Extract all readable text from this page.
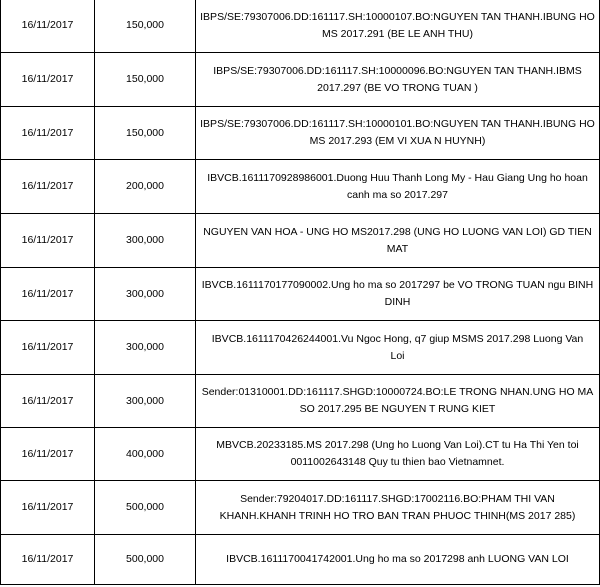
16/11/2017	150,000	IBPS/SE:79307006.DD:161117.SH:10000107.BO:NGUYEN TAN THANH.IBUNG HO
MS 2017.291 (BE LE ANH THU)

16/11/2017	150,000	IBPS/SE:79307006.DD:161117.SH:10000096.BO:NGUYEN TAN THANH.IBMS
2017.297 (BE VO TRONG TUAN )

16/11/2017	150,000	IBPS/SE:79307006.DD:161117.SH:10000101.BO:NGUYEN TAN THANH.IBUNG HO
MS 2017.293 (EM VI XUA N HUYNH)

16/11/2017	200,000	IBVCB.1611170928986001.Duong Huu Thanh Long My - Hau Giang Ung ho hoan
canh ma so 2017.297

16/11/2017	300,000	NGUYEN VAN HOA - UNG HO MS2017.298 (UNG HO LUONG VAN LOI) GD TIEN
MAT

16/11/2017	300,000	IBVCB.1611170177090002.Ung ho ma so 2017297 be VO TRONG TUAN ngu BINH
DINH

16/11/2017	300,000	IBVCB.1611170426244001.Vu Ngoc Hong, q7 giup MSMS 2017.298 Luong Van
Loi

16/11/2017	300,000	Sender:01310001.DD:161117.SHGD:10000724.BO:LE TRONG NHAN.UNG HO MA
SO 2017.295 BE NGUYEN T RUNG KIET

16/11/2017	400,000	MBVCB.20233185.MS 2017.298 (Ung ho Luong Van Loi).CT tu Ha Thi Yen toi
0011002643148 Quy tu thien bao Vietnamnet.

16/11/2017	500,000	Sender:79204017.DD:161117.SHGD:17002116.BO:PHAM THI VAN
KHANH.KHANH TRINH HO TRO BAN TRAN PHUOC THINH(MS 2017 285)

16/11/2017	500,000	IBVCB.1611170041742001.Ung ho ma so 2017298 anh LUONG VAN LOI
